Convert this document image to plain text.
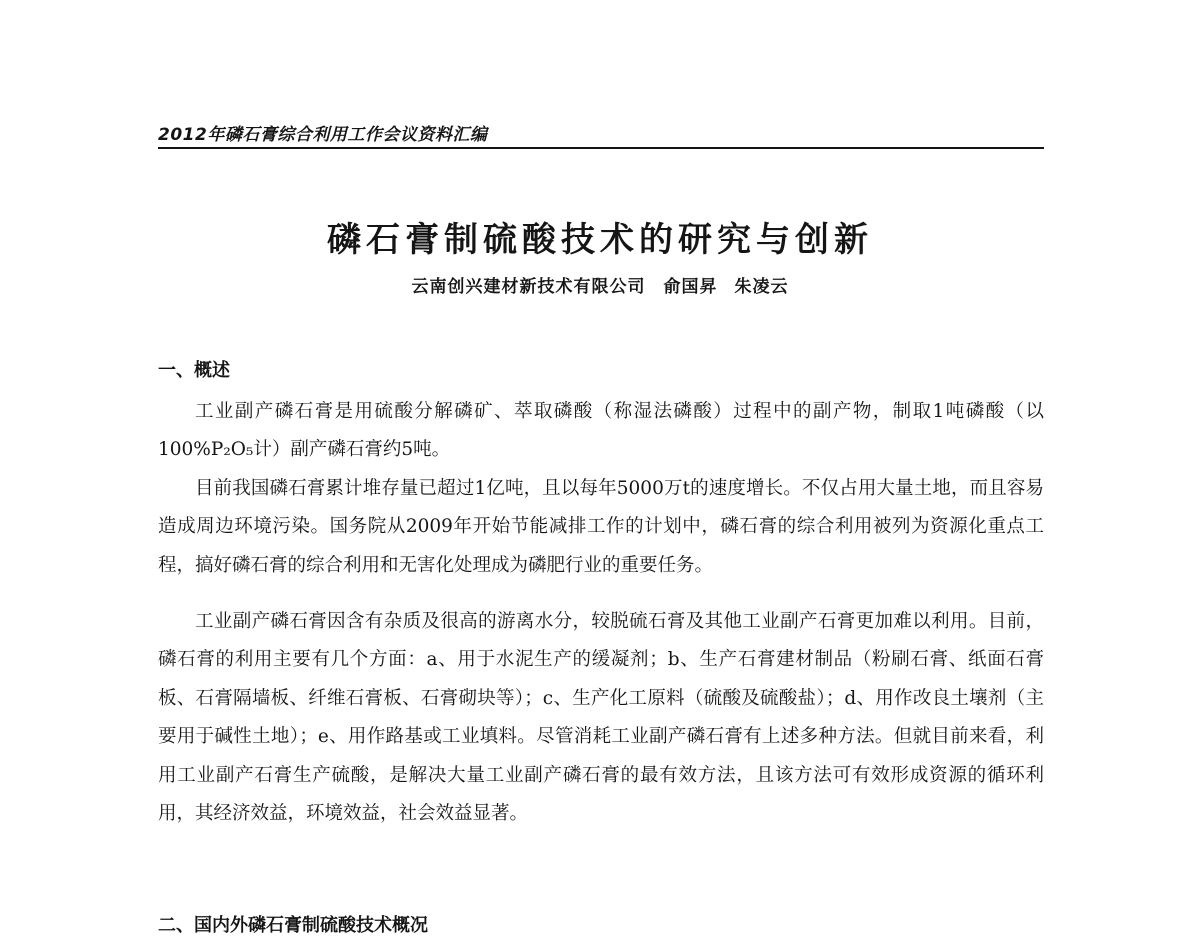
2012年磷石膏综合利用工作会议资料汇编
磷石膏制硫酸技术的研究与创新
云南创兴建材新技术有限公司 俞国昇 朱凌云
一、概述

工业副产磷石膏是用硫酸分解磷矿、萃取磷酸（称湿法磷酸）过程中的副产物，制取1吨磷酸（以100%P₂O₅计）副产磷石膏约5吨。

目前我国磷石膏累计堆存量已超过1亿吨，且以每年5000万t的速度增长。不仅占用大量土地，而且容易造成周边环境污染。国务院从2009年开始节能减排工作的计划中，磷石膏的综合利用被列为资源化重点工程，搞好磷石膏的综合利用和无害化处理成为磷肥行业的重要任务。

工业副产磷石膏因含有杂质及很高的游离水分，较脱硫石膏及其他工业副产石膏更加难以利用。目前，磷石膏的利用主要有几个方面：a、用于水泥生产的缓凝剂；b、生产石膏建材制品（粉刷石膏、纸面石膏板、石膏隔墙板、纤维石膏板、石膏砌块等）；c、生产化工原料（硫酸及硫酸盐）；d、用作改良土壤剂（主要用于碱性土地）；e、用作路基或工业填料。尽管消耗工业副产磷石膏有上述多种方法。但就目前来看，利用工业副产石膏生产硫酸，是解决大量工业副产磷石膏的最有效方法，且该方法可有效形成资源的循环利用，其经济效益，环境效益，社会效益显著。

二、国内外磷石膏制硫酸技术概况
